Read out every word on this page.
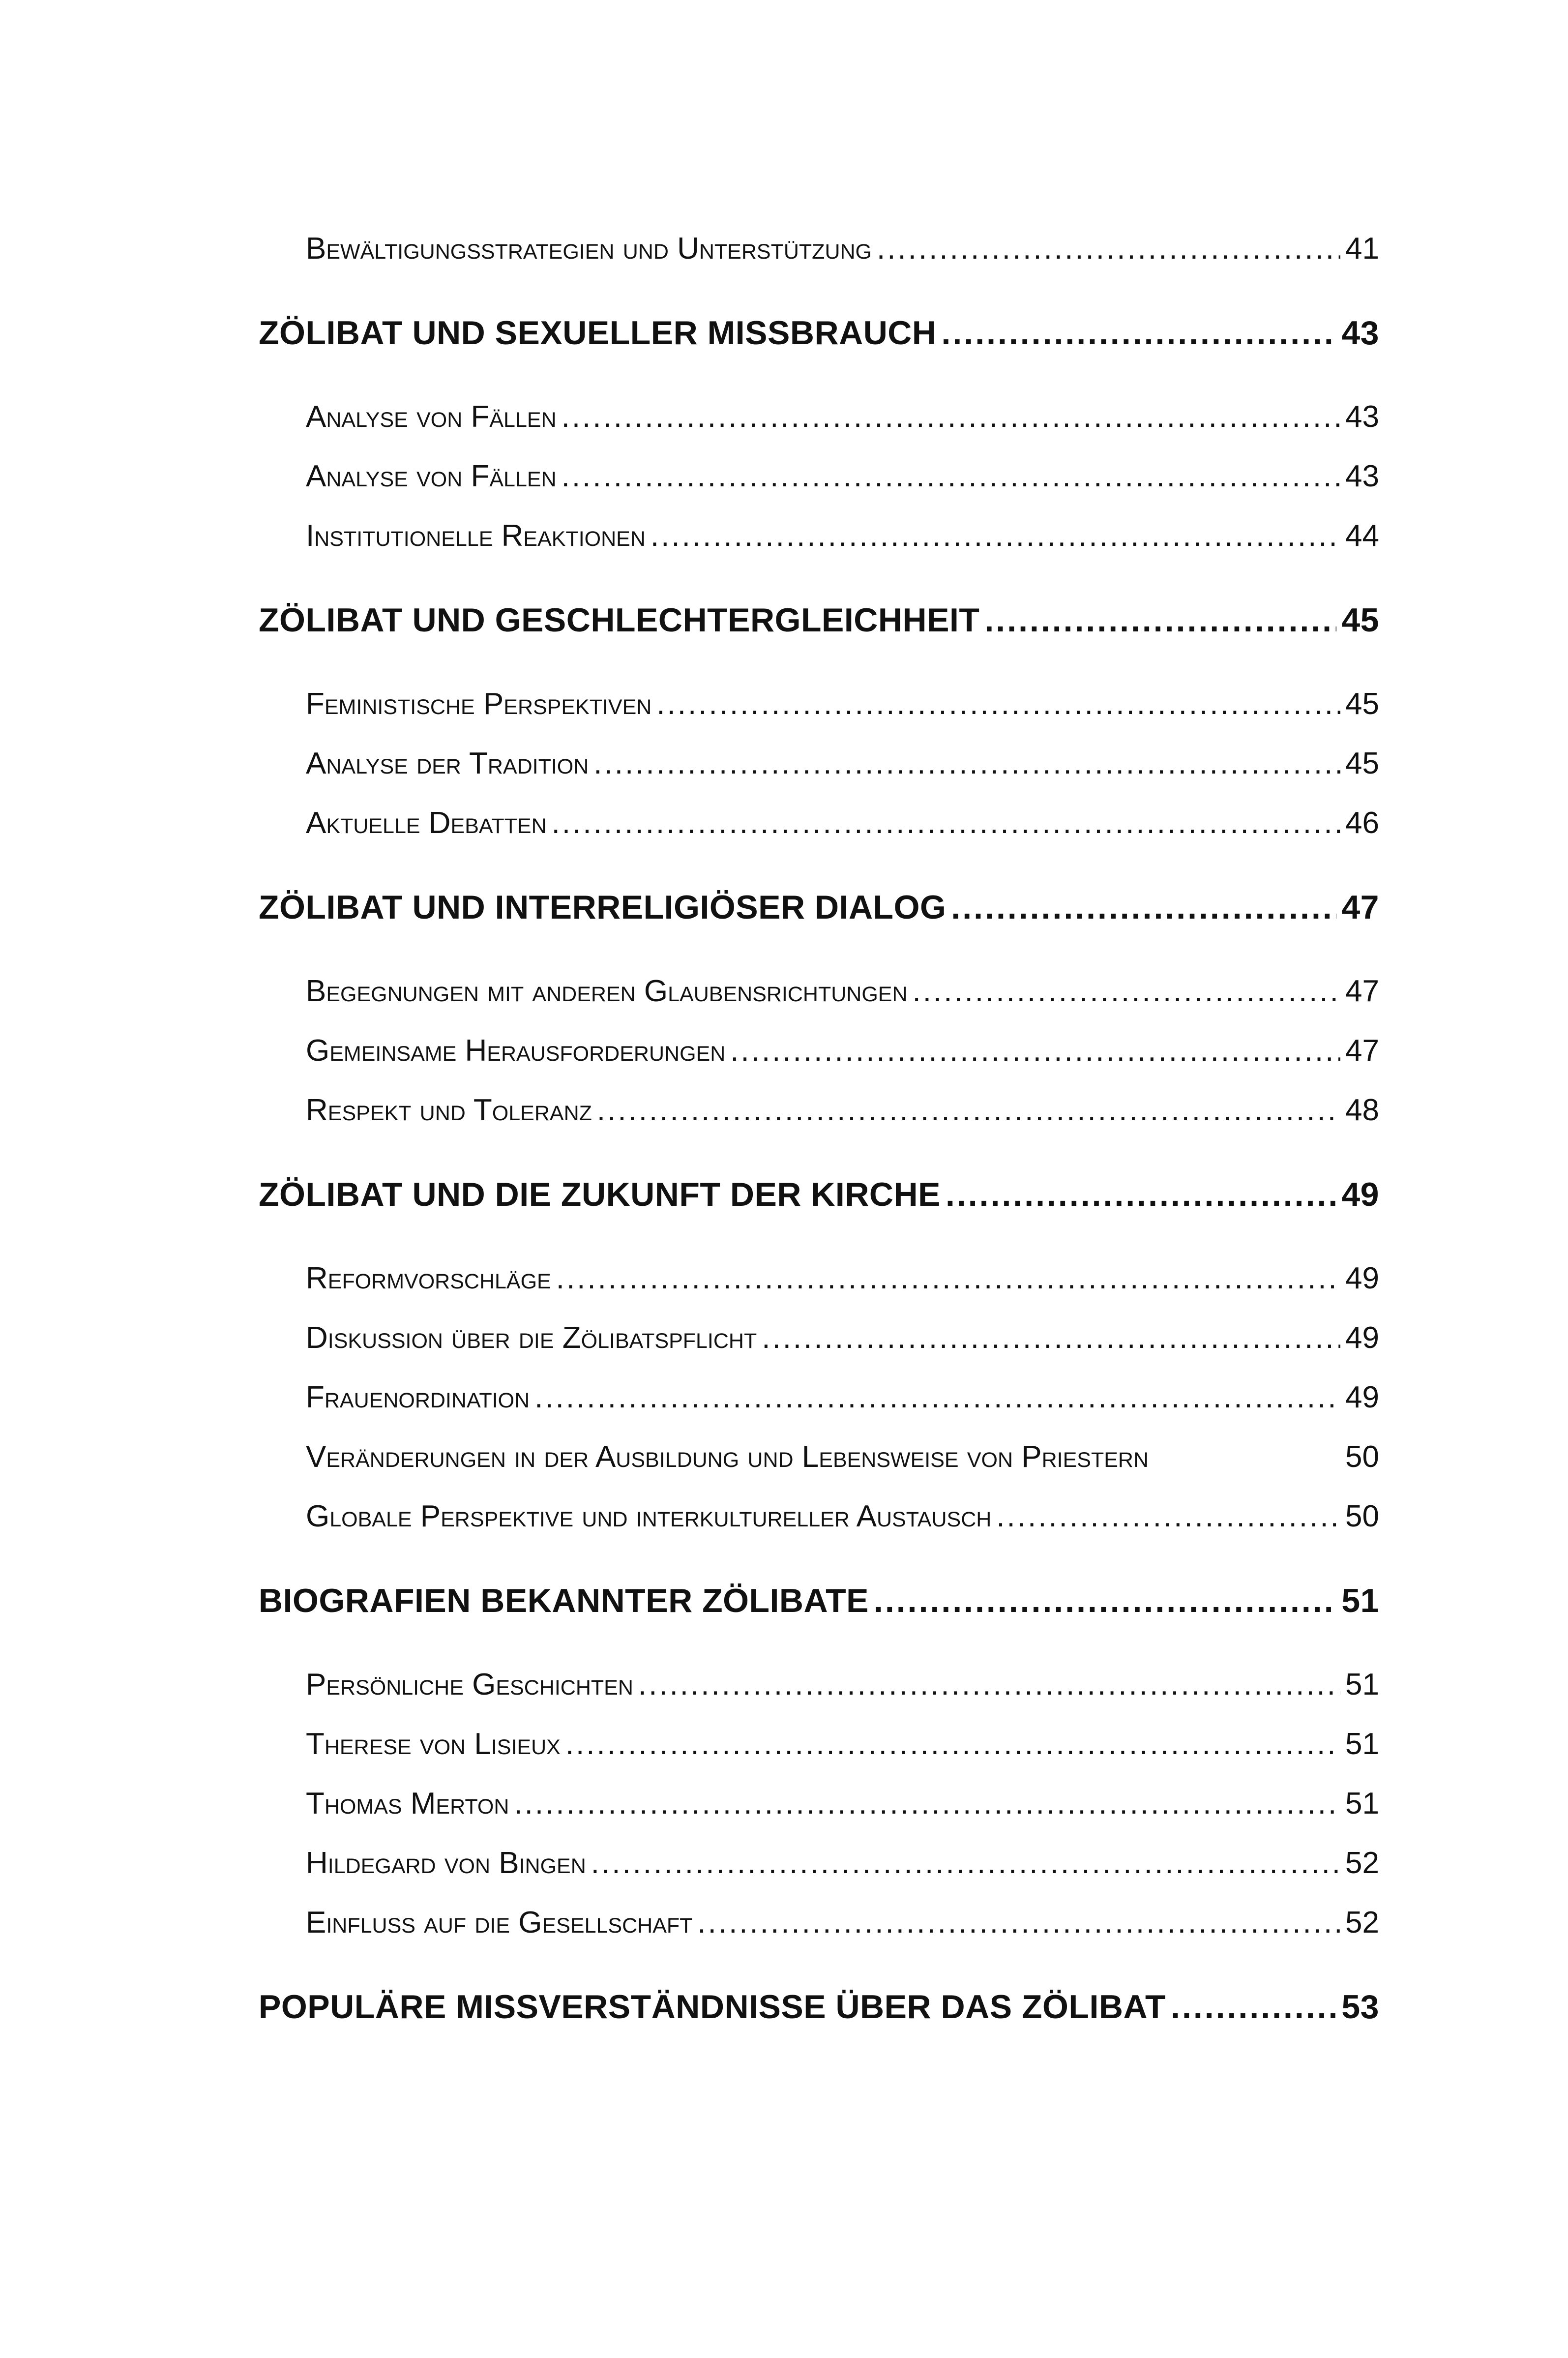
Bewältigungsstrategien und Unterstützung .....	41
ZÖLIBAT UND SEXUELLER MISSBRAUCH .....	43
Analyse von Fällen .....	43
Analyse von Fällen .....	43
Institutionelle Reaktionen .....	44
ZÖLIBAT UND GESCHLECHTERGLEICHHEIT .....	45
Feministische Perspektiven .....	45
Analyse der Tradition .....	45
Aktuelle Debatten .....	46
ZÖLIBAT UND INTERRELIGIÖSER DIALOG .....	47
Begegnungen mit anderen Glaubensrichtungen .....	47
Gemeinsame Herausforderungen .....	47
Respekt und Toleranz .....	48
ZÖLIBAT UND DIE ZUKUNFT DER KIRCHE .....	49
Reformvorschläge .....	49
Diskussion über die Zölibatspflicht .....	49
Frauenordination .....	49
Veränderungen in der Ausbildung und Lebensweise von Priestern	50
Globale Perspektive und interkultureller Austausch .....	50
BIOGRAFIEN BEKANNTER ZÖLIBATE .....	51
Persönliche Geschichten .....	51
Therese von Lisieux .....	51
Thomas Merton .....	51
Hildegard von Bingen .....	52
Einfluss auf die Gesellschaft .....	52
POPULÄRE MISSVERSTÄNDNISSE ÜBER DAS ZÖLIBAT .....	53
